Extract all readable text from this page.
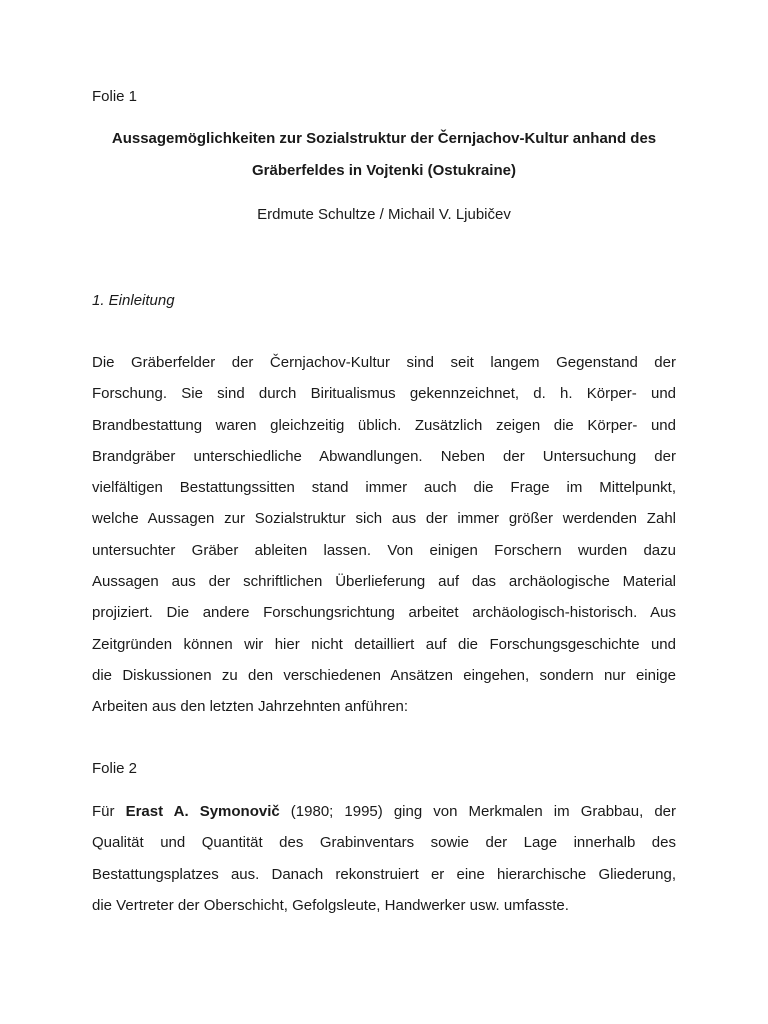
Folie 1
Aussagemöglichkeiten zur Sozialstruktur der Černjachov-Kultur anhand des
Gräberfeldes in Vojtenki (Ostukraine)
Erdmute Schultze / Michail V. Ljubičev
1. Einleitung
Die Gräberfelder der Černjachov-Kultur sind seit langem Gegenstand der
Forschung. Sie sind durch Biritualismus gekennzeichnet, d. h. Körper- und
Brandbestattung waren gleichzeitig üblich. Zusätzlich zeigen die Körper- und
Brandgräber unterschiedliche Abwandlungen. Neben der Untersuchung der
vielfältigen Bestattungssitten stand immer auch die Frage im Mittelpunkt,
welche Aussagen zur Sozialstruktur sich aus der immer größer werdenden Zahl
untersuchter Gräber ableiten lassen. Von einigen Forschern wurden dazu
Aussagen aus der schriftlichen Überlieferung auf das archäologische Material
projiziert. Die andere Forschungsrichtung arbeitet archäologisch-historisch. Aus
Zeitgründen können wir hier nicht detailliert auf die Forschungsgeschichte und
die Diskussionen zu den verschiedenen Ansätzen eingehen, sondern nur einige
Arbeiten aus den letzten Jahrzehnten anführen:
Folie 2
Für Erast A. Symonovič (1980; 1995) ging von Merkmalen im Grabbau, der
Qualität und Quantität des Grabinventars sowie der Lage innerhalb des
Bestattungsplatzes aus. Danach rekonstruiert er eine hierarchische Gliederung,
die Vertreter der Oberschicht, Gefolgsleute, Handwerker usw. umfasste.
